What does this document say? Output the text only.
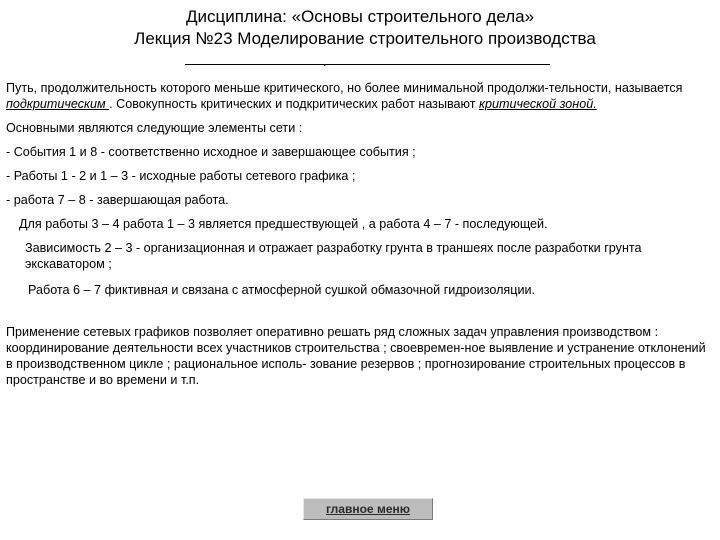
Дисциплина: «Основы строительного дела»
Лекция №23 Моделирование строительного производства
.

Путь, продолжительность которого меньше критического, но более минимальной продолжи-тельности, называется подкритическим . Совокупность критических и подкритических работ называют критической зоной.

Основными являются следующие элементы сети :

- События 1 и 8 - соответственно исходное и завершающее события ;

- Работы 1 - 2 и 1 – 3 - исходные работы сетевого графика ;

- работа 7 – 8 - завершающая работа.

Для работы 3 – 4 работа 1 – 3 является предшествующей , а работа 4 – 7 - последующей.

Зависимость 2 – 3 - организационная и отражает разработку грунта в траншеях после разработки грунта экскаватором ;

Работа 6 – 7 фиктивная и связана с атмосферной сушкой обмазочной гидроизоляции.

Применение сетевых графиков позволяет оперативно решать ряд сложных задач управления производством : координирование деятельности всех участников строительства ; своевремен-ное выявление и устранение отклонений в производственном цикле ; рациональное исполь- зование резервов ; прогнозирование строительных процессов в пространстве и во времени и т.п.

главное меню
